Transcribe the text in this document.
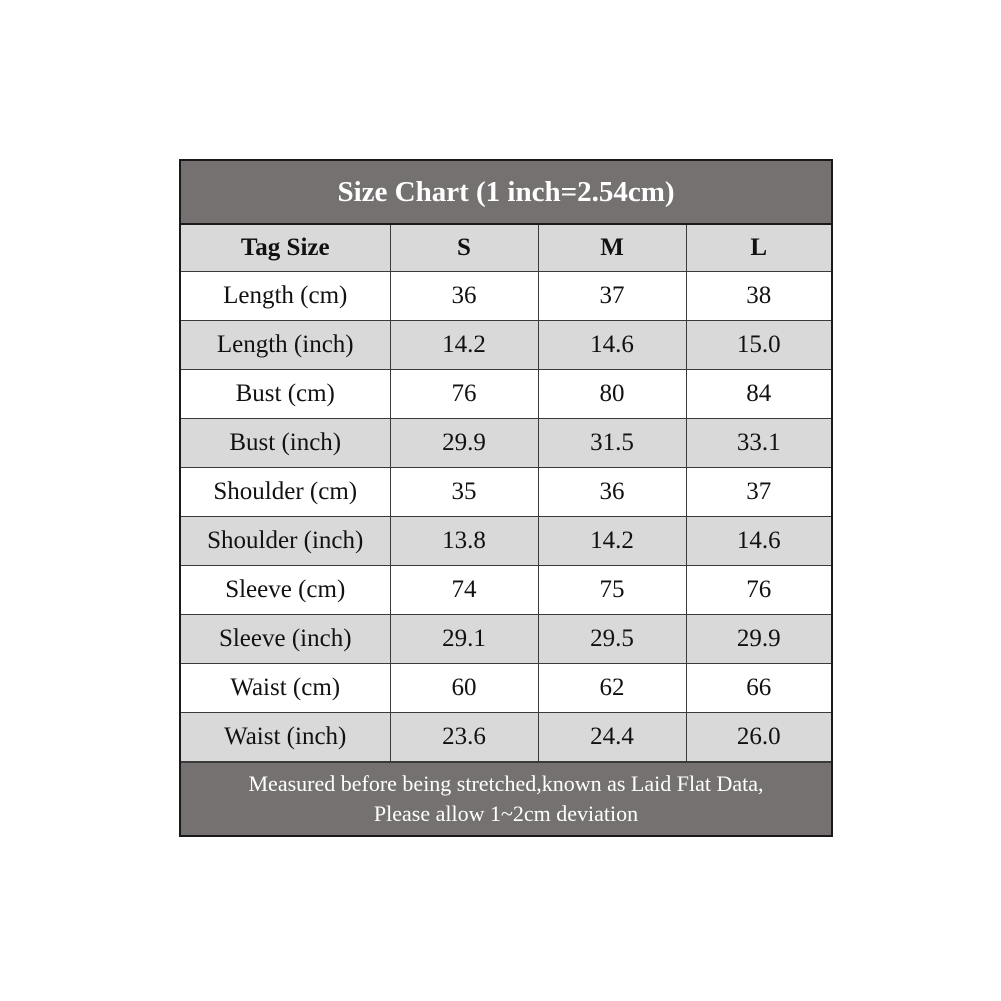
Size Chart (1 inch=2.54cm)
Tag Size	S	M	L
Length (cm)	36	37	38
Length (inch)	14.2	14.6	15.0
Bust (cm)	76	80	84
Bust (inch)	29.9	31.5	33.1
Shoulder (cm)	35	36	37
Shoulder (inch)	13.8	14.2	14.6
Sleeve (cm)	74	75	76
Sleeve (inch)	29.1	29.5	29.9
Waist (cm)	60	62	66
Waist (inch)	23.6	24.4	26.0
Measured before being stretched,known as Laid Flat Data,
Please allow 1~2cm deviation
